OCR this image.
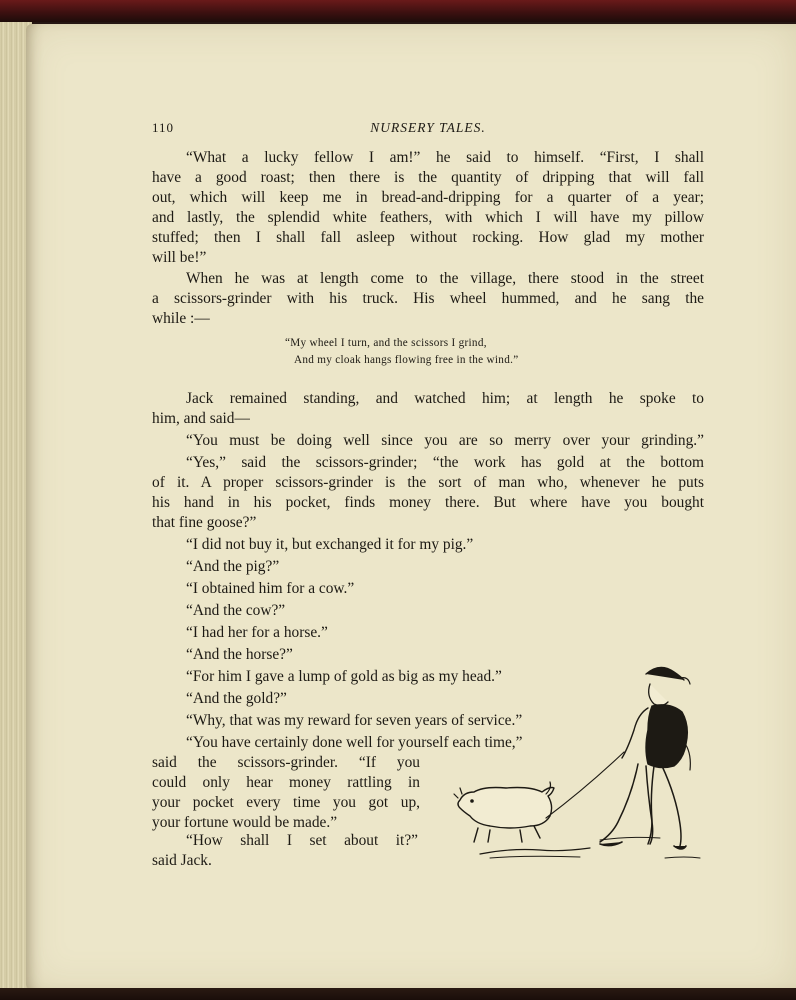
110	NURSERY TALES.
“What a lucky fellow I am!” he said to himself. “First, I shall
have a good roast; then there is the quantity of dripping that will fall
out, which will keep me in bread-and-dripping for a quarter of a year;
and lastly, the splendid white feathers, with which I will have my pillow
stuffed; then I shall fall asleep without rocking. How glad my mother
will be!”
When he was at length come to the village, there stood in the street
a scissors-grinder with his truck. His wheel hummed, and he sang the
while :—
“My wheel I turn, and the scissors I grind,
And my cloak hangs flowing free in the wind.”
Jack remained standing, and watched him; at length he spoke to
him, and said—
“You must be doing well since you are so merry over your grinding.”
“Yes,” said the scissors-grinder; “the work has gold at the bottom
of it. A proper scissors-grinder is the sort of man who, whenever he puts
his hand in his pocket, finds money there. But where have you bought
that fine goose?”
“I did not buy it, but exchanged it for my pig.”
“And the pig?”
“I obtained him for a cow.”
“And the cow?”
“I had her for a horse.”
“And the horse?”
“For him I gave a lump of gold as big as my head.”
“And the gold?”
“Why, that was my reward for seven years of service.”
“You have certainly done well for yourself each time,”
said the scissors-grinder. “If you
could only hear money rattling in
your pocket every time you got up,
your fortune would be made.”
“How shall I set about it?”
said Jack.
